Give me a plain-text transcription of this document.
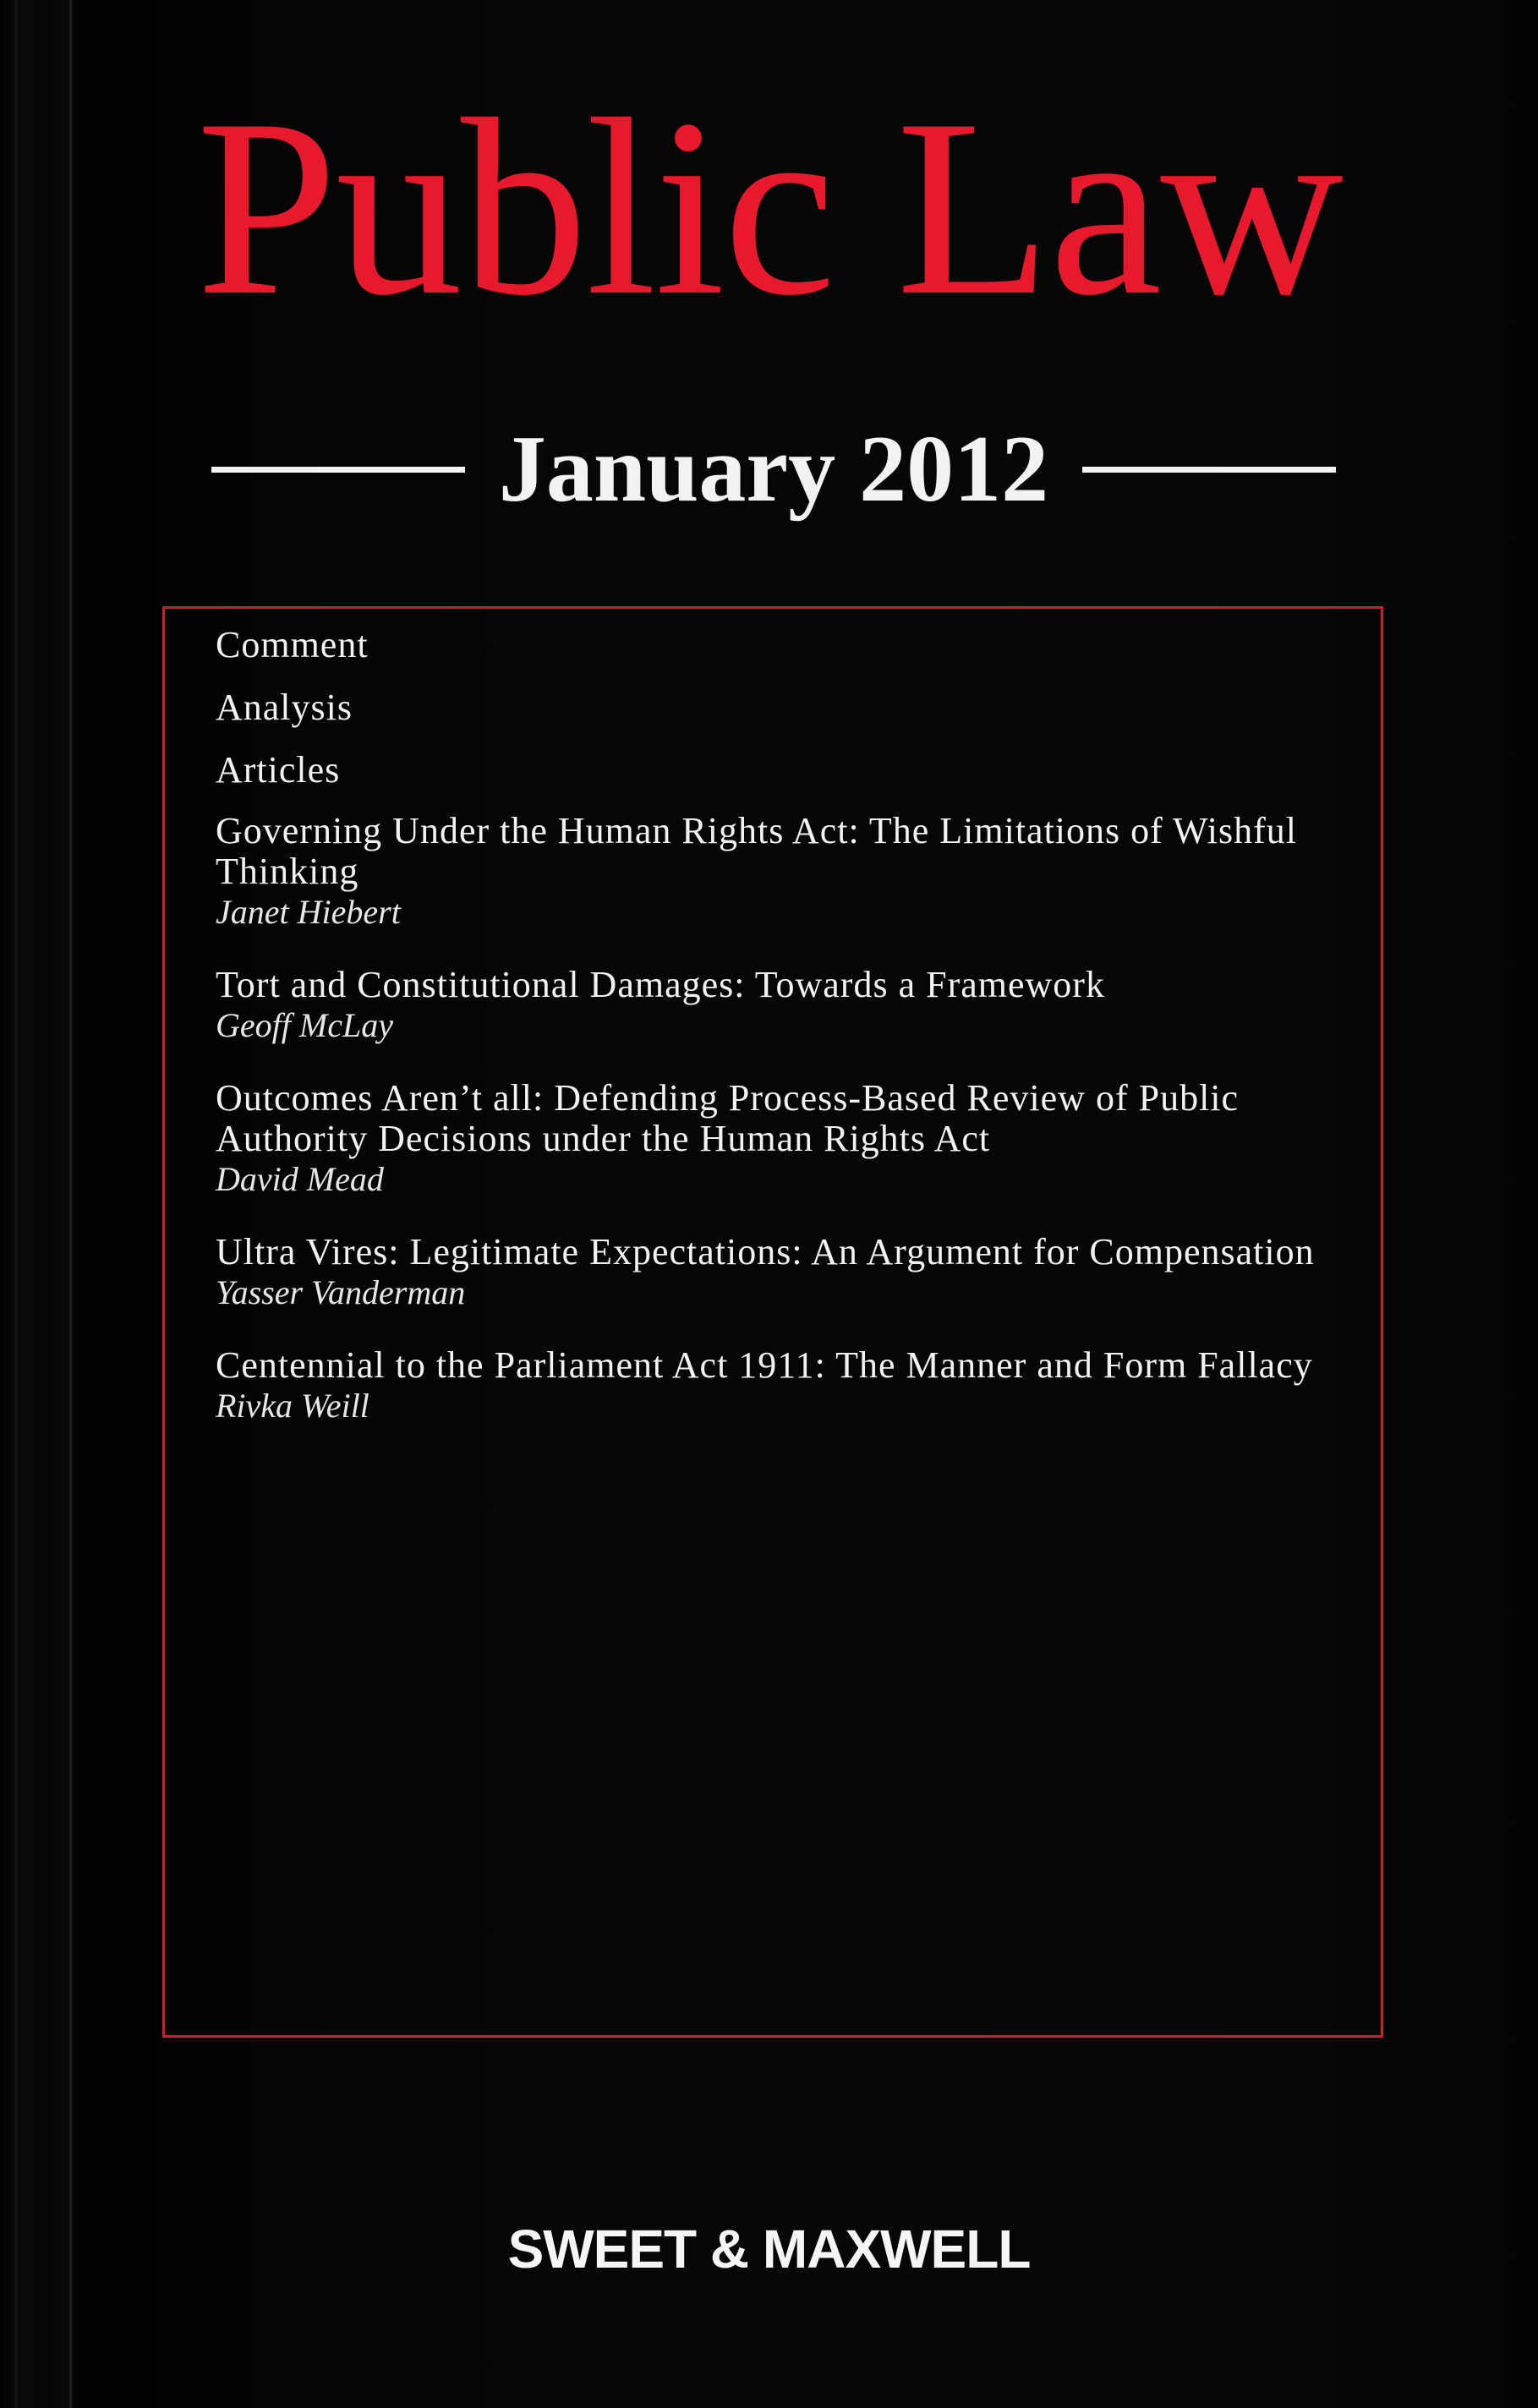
Public Law
January 2012
Comment
Analysis
Articles
Governing Under the Human Rights Act: The Limitations of Wishful Thinking
Janet Hiebert
Tort and Constitutional Damages: Towards a Framework
Geoff McLay
Outcomes Aren’t all: Defending Process-Based Review of Public Authority Decisions under the Human Rights Act
David Mead
Ultra Vires: Legitimate Expectations: An Argument for Compensation
Yasser Vanderman
Centennial to the Parliament Act 1911: The Manner and Form Fallacy
Rivka Weill
SWEET & MAXWELL
